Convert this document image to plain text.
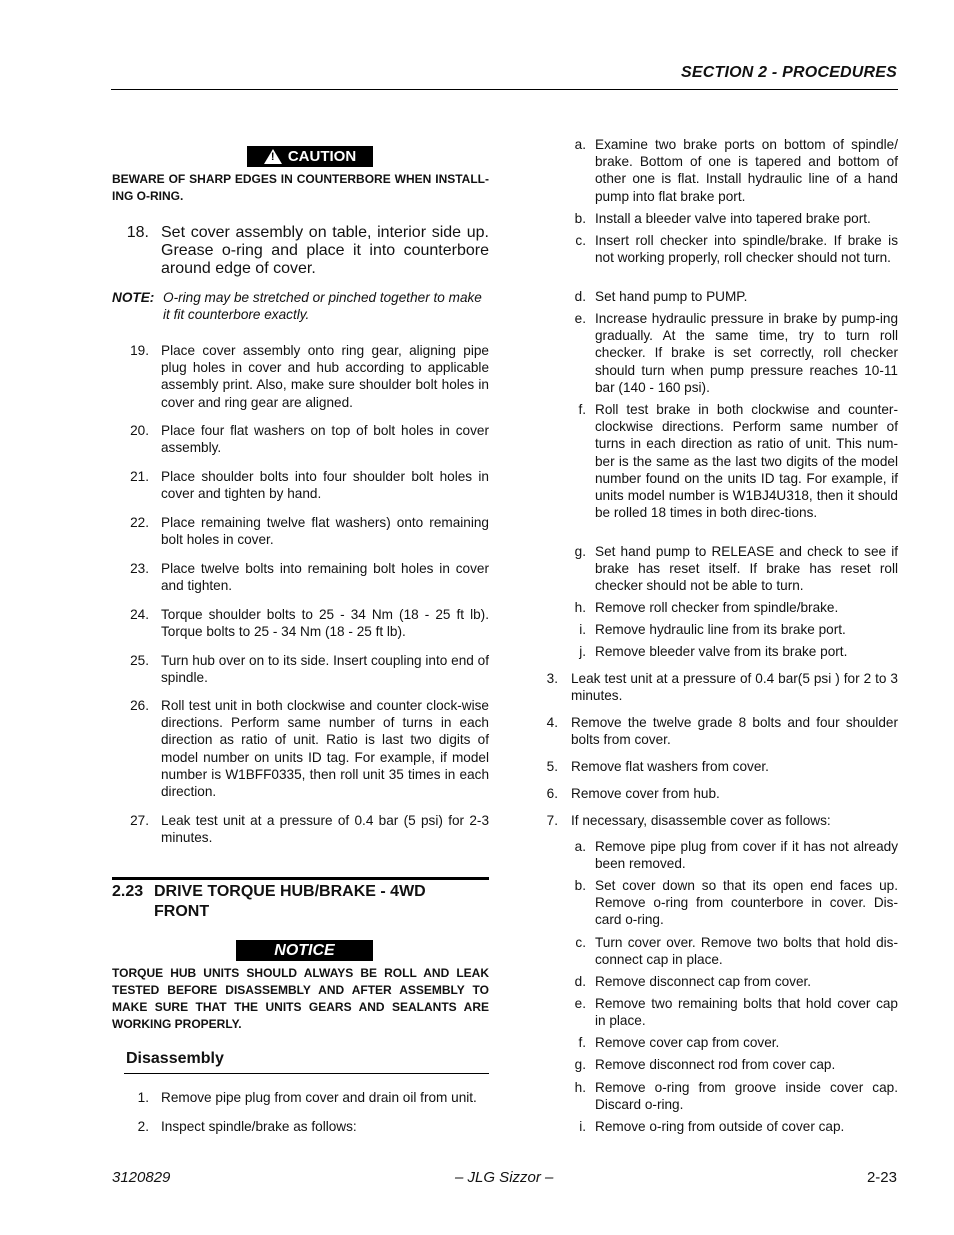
SECTION 2 - PROCEDURES
!
CAUTION
BEWARE OF SHARP EDGES IN COUNTERBORE WHEN INSTALL-ING O-RING.
18. Set cover assembly on table, interior side up. Grease o-ring and place it into counterbore around edge of cover.
NOTE: O-ring may be stretched or pinched together to make it fit counterbore exactly.
19. Place cover assembly onto ring gear, aligning pipe plug holes in cover and hub according to applicable assembly print. Also, make sure shoulder bolt holes in cover and ring gear are aligned.
20. Place four flat washers on top of bolt holes in cover assembly.
21. Place shoulder bolts into four shoulder bolt holes in cover and tighten by hand.
22. Place remaining twelve flat washers) onto remaining bolt holes in cover.
23. Place twelve bolts into remaining bolt holes in cover and tighten.
24. Torque shoulder bolts to 25 - 34 Nm (18 - 25 ft lb). Torque bolts to 25 - 34 Nm (18 - 25 ft lb).
25. Turn hub over on to its side. Insert coupling into end of spindle.
26. Roll test unit in both clockwise and counter clock-wise directions. Perform same number of turns in each direction as ratio of unit. Ratio is last two digits of model number on units ID tag. For example, if model number is W1BFF0335, then roll unit 35 times in each direction.
27. Leak test unit at a pressure of 0.4 bar (5 psi) for 2-3 minutes.
2.23 DRIVE TORQUE HUB/BRAKE - 4WD FRONT
NOTICE
TORQUE HUB UNITS SHOULD ALWAYS BE ROLL AND LEAK TESTED BEFORE DISASSEMBLY AND AFTER ASSEMBLY TO MAKE SURE THAT THE UNITS GEARS AND SEALANTS ARE WORKING PROPERLY.
Disassembly
1. Remove pipe plug from cover and drain oil from unit.
2. Inspect spindle/brake as follows:
a. Examine two brake ports on bottom of spindle/ brake. Bottom of one is tapered and bottom of other one is flat. Install hydraulic line of a hand pump into flat brake port.
b. Install a bleeder valve into tapered brake port.
c. Insert roll checker into spindle/brake. If brake is not working properly, roll checker should not turn.
d. Set hand pump to PUMP.
e. Increase hydraulic pressure in brake by pump-ing gradually. At the same time, try to turn roll checker. If brake is set correctly, roll checker should turn when pump pressure reaches 10-11 bar (140 - 160 psi).
f. Roll test brake in both clockwise and counter-clockwise directions. Perform same number of turns in each direction as ratio of unit. This num-ber is the same as the last two digits of the model number found on the units ID tag. For example, if units model number is W1BJ4U318, then it should be rolled 18 times in both direc-tions.
g. Set hand pump to RELEASE and check to see if brake has reset itself. If brake has reset roll checker should not be able to turn.
h. Remove roll checker from spindle/brake.
i. Remove hydraulic line from its brake port.
j. Remove bleeder valve from its brake port.
3. Leak test unit at a pressure of 0.4 bar(5 psi ) for 2 to 3 minutes.
4. Remove the twelve grade 8 bolts and four shoulder bolts from cover.
5. Remove flat washers from cover.
6. Remove cover from hub.
7. If necessary, disassemble cover as follows:
a. Remove pipe plug from cover if it has not already been removed.
b. Set cover down so that its open end faces up. Remove o-ring from counterbore in cover. Dis-card o-ring.
c. Turn cover over. Remove two bolts that hold dis-connect cap in place.
d. Remove disconnect cap from cover.
e. Remove two remaining bolts that hold cover cap in place.
f. Remove cover cap from cover.
g. Remove disconnect rod from cover cap.
h. Remove o-ring from groove inside cover cap. Discard o-ring.
i. Remove o-ring from outside of cover cap.
3120829	– JLG Sizzor –	2-23
